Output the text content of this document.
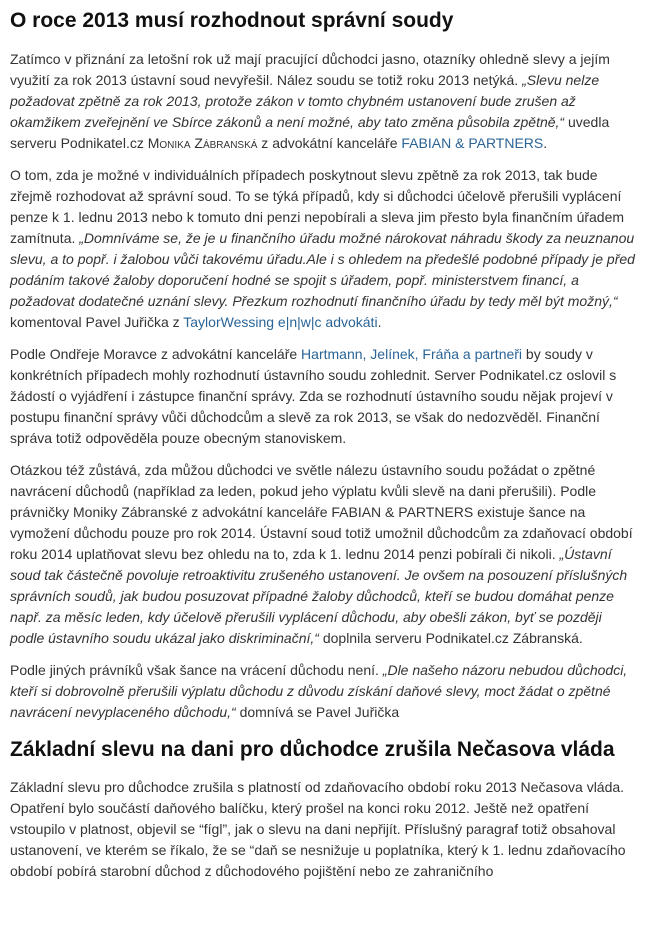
O roce 2013 musí rozhodnout správní soudy

Zatímco v přiznání za letošní rok už mají pracující důchodci jasno, otazníky ohledně slevy a jejím využití za rok 2013 ústavní soud nevyřešil. Nález soudu se totiž roku 2013 netýká. „Slevu nelze požadovat zpětně za rok 2013, protože zákon v tomto chybném ustanovení bude zrušen až okamžikem zveřejnění ve Sbírce zákonů a není možné, aby tato změna působila zpětně,“ uvedla serveru Podnikatel.cz Monika Zábranská z advokátní kanceláře FABIAN & PARTNERS.

O tom, zda je možné v individuálních případech poskytnout slevu zpětně za rok 2013, tak bude zřejmě rozhodovat až správní soud. To se týká případů, kdy si důchodci účelově přerušili vyplácení penze k 1. lednu 2013 nebo k tomuto dni penzi nepobírali a sleva jim přesto byla finančním úřadem zamítnuta. „Domníváme se, že je u finančního úřadu možné nárokovat náhradu škody za neuznanou slevu, a to popř. i žalobou vůči takovému úřadu.Ale i s ohledem na předešlé podobné případy je před podáním takové žaloby doporučení hodné se spojit s úřadem, popř. ministerstvem financí, a požadovat dodatečné uznání slevy. Přezkum rozhodnutí finančního úřadu by tedy měl být možný,“ komentoval Pavel Juřička z TaylorWessing e|n|w|c advokáti.

Podle Ondřeje Moravce z advokátní kanceláře Hartmann, Jelínek, Fráňa a partneři by soudy v konkrétních případech mohly rozhodnutí ústavního soudu zohlednit. Server Podnikatel.cz oslovil s žádostí o vyjádření i zástupce finanční správy. Zda se rozhodnutí ústavního soudu nějak projeví v postupu finanční správy vůči důchodcům a slevě za rok 2013, se však do nedozvěděl. Finanční správa totiž odpověděla pouze obecným stanoviskem.

Otázkou též zůstává, zda můžou důchodci ve světle nálezu ústavního soudu požádat o zpětné navrácení důchodů (například za leden, pokud jeho výplatu kvůli slevě na dani přerušili). Podle právničky Moniky Zábranské z advokátní kanceláře FABIAN & PARTNERS existuje šance na vymožení důchodu pouze pro rok 2014. Ústavní soud totiž umožnil důchodcům za zdaňovací období roku 2014 uplatňovat slevu bez ohledu na to, zda k 1. lednu 2014 penzi pobírali či nikoli. „Ústavní soud tak částečně povoluje retroaktivitu zrušeného ustanovení. Je ovšem na posouzení příslušných správních soudů, jak budou posuzovat případné žaloby důchodců, kteří se budou domáhat penze např. za měsíc leden, kdy účelově přerušili vyplácení důchodu, aby obešli zákon, byť se později podle ústavního soudu ukázal jako diskriminační,“ doplnila serveru Podnikatel.cz Zábranská.

Podle jiných právníků však šance na vrácení důchodu není. „Dle našeho názoru nebudou důchodci, kteří si dobrovolně přerušili výplatu důchodu z důvodu získání daňové slevy, moct žádat o zpětné navrácení nevyplaceného důchodu,“ domnívá se Pavel Juřička

Základní slevu na dani pro důchodce zrušila Nečasova vláda

Základní slevu pro důchodce zrušila s platností od zdaňovacího období roku 2013 Nečasova vláda. Opatření bylo součástí daňového balíčku, který prošel na konci roku 2012. Ještě než opatření vstoupilo v platnost, objevil se “fígl”, jak o slevu na dani nepřijít. Příslušný paragraf totiž obsahoval ustanovení, ve kterém se říkalo, že se “daň se nesnižuje u poplatníka, který k 1. lednu zdaňovacího období pobírá starobní důchod z důchodového pojištění nebo ze zahraničního
